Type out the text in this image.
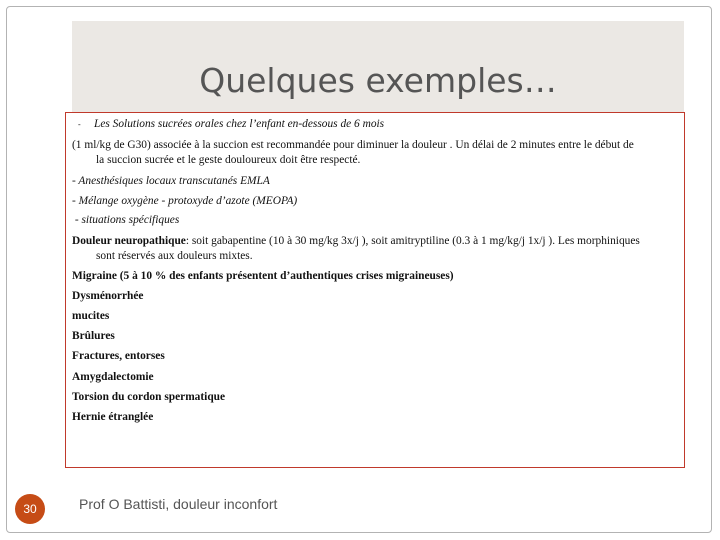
Quelques exemples…
- Les Solutions sucrées orales chez l’enfant en-dessous de 6 mois
(1 ml/kg de G30) associée à la succion est recommandée pour diminuer la douleur . Un délai de 2 minutes entre le début de
la succion sucrée et le geste douloureux doit être respecté.
- Anesthésiques locaux transcutanés EMLA
- Mélange oxygène - protoxyde d’azote (MEOPA)
- situations spécifiques
Douleur neuropathique: soit gabapentine (10 à 30 mg/kg 3x/j ), soit amitryptiline (0.3 à 1 mg/kg/j 1x/j ). Les morphiniques
sont réservés aux douleurs mixtes.
Migraine (5 à 10 % des enfants présentent d’authentiques crises migraineuses)
Dysménorrhée
mucites
Brûlures
Fractures, entorses
Amygdalectomie
Torsion du cordon spermatique
Hernie étranglée
30	Prof O Battisti, douleur inconfort
